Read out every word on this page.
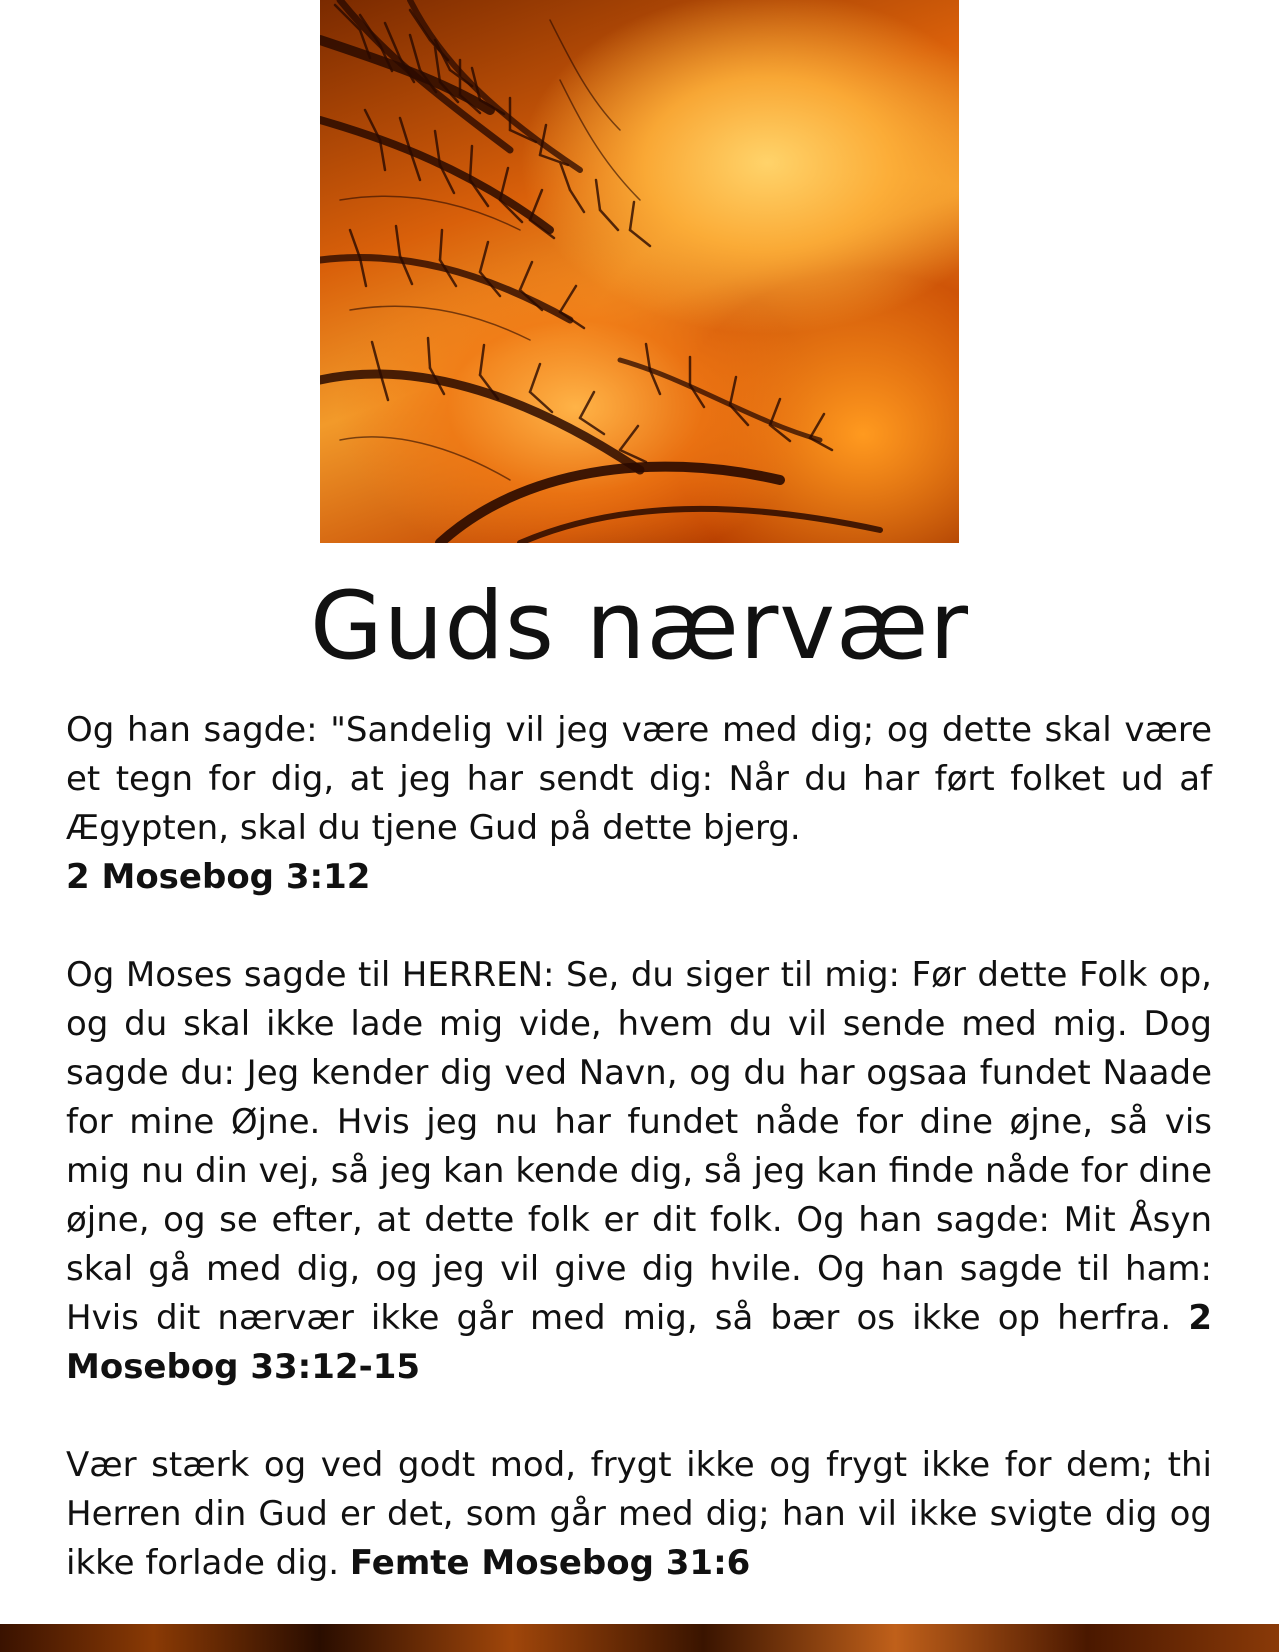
Guds nærvær

Og han sagde: "Sandelig vil jeg være med dig; og dette skal være et tegn for dig, at jeg har sendt dig: Når du har ført folket ud af Ægypten, skal du tjene Gud på dette bjerg.
2 Mosebog 3:12

Og Moses sagde til HERREN: Se, du siger til mig: Før dette Folk op, og du skal ikke lade mig vide, hvem du vil sende med mig. Dog sagde du: Jeg kender dig ved Navn, og du har ogsaa fundet Naade for mine Øjne. Hvis jeg nu har fundet nåde for dine øjne, så vis mig nu din vej, så jeg kan kende dig, så jeg kan finde nåde for dine øjne, og se efter, at dette folk er dit folk. Og han sagde: Mit Åsyn skal gå med dig, og jeg vil give dig hvile. Og han sagde til ham: Hvis dit nærvær ikke går med mig, så bær os ikke op herfra. 2 Mosebog 33:12-15

Vær stærk og ved godt mod, frygt ikke og frygt ikke for dem; thi Herren din Gud er det, som går med dig; han vil ikke svigte dig og ikke forlade dig. Femte Mosebog 31:6
